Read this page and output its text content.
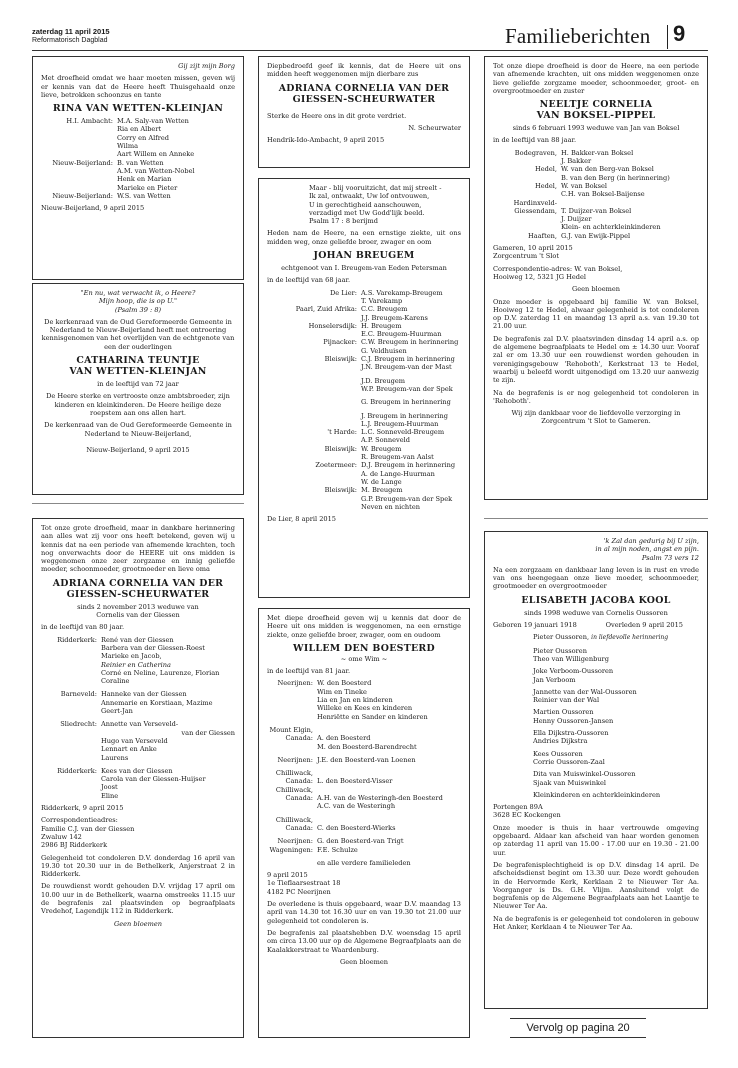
zaterdag 11 april 2015
Reformatorisch Dagblad	Familieberichten 9
Gij zijt mijn Borg

Met droefheid omdat we haar moeten missen, geven wij er kennis van dat de Heere heeft Thuisgehaald onze lieve, betrokken schoonzus en tante

RINA VAN WETTEN-KLEINJAN
H.I. Ambacht: M.A. Saly-van Wetten
Ria en Albert
Corry en Alfred
Wilma
Aart Willem en Anneke
Nieuw-Beijerland: B. van Wetten
A.M. van Wetten-Nobel
Henk en Marian
Marieke en Pieter
Nieuw-Beijerland: W.S. van Wetten
Nieuw-Beijerland, 9 april 2015
"En nu, wat verwacht ik, o Heere?
Mijn hoop, die is op U."
(Psalm 39 : 8)

De kerkenraad van de Oud Gereformeerde Gemeente in Nederland te Nieuw-Beijerland heeft met ontroering kennisgenomen van het overlijden van de echtgenote van een der ouderlingen

CATHARINA TEUNTJE
VAN WETTEN-KLEINJAN

in de leeftijd van 72 jaar

De Heere sterke en vertrooste onze ambtsbroeder, zijn kinderen en kleinkinderen. De Heere heilige deze roepstem aan ons allen hart.

De kerkenraad van de Oud Gereformeerde Gemeente in Nederland te Nieuw-Beijerland,

Nieuw-Beijerland, 9 april 2015

Tot onze grote droefheid, maar in dankbare herinnering aan alles wat zij voor ons heeft betekend, geven wij u kennis dat na een periode van afnemende krachten, toch nog onverwachts door de HEERE uit ons midden is weggenomen onze zeer zorgzame en innig geliefde moeder, schoonmoeder, grootmoeder en lieve oma

ADRIANA CORNELIA VAN DER
GIESSEN-SCHEURWATER
sinds 2 november 2013 weduwe van
Cornelis van der Giessen

in de leeftijd van 80 jaar.

Ridderkerk: René van der Giessen
Barbera van der Giessen-Roest
Marieke en Jacob,
Reinier en Catherina
Corné en Neline, Laurenze, Florian
Coraline
Barneveld: Hanneke van der Giessen
Annemarie en Korstiaan, Mazime
Geert-Jan
Sliedrecht: Annette van Verseveld-
van der Giessen
Hugo van Verseveld
Lennart en Anke
Laurens
Ridderkerk: Kees van der Giessen
Carola van der Giessen-Huijser
Joost
Eline

Ridderkerk, 9 april 2015

Correspondentieadres:
Familie C.J. van der Giessen
Zwaluw 142
2986 BJ Ridderkerk

Gelegenheid tot condoleren D.V. donderdag 16 april van 19.30 tot 20.30 uur in de Bethelkerk, Anjerstraat 2 in Ridderkerk.

De rouwdienst wordt gehouden D.V. vrijdag 17 april om 10.00 uur in de Bethelkerk, waarna omstreeks 11.15 uur de begrafenis zal plaatsvinden op begraafplaats Vredehof, Lagendijk 112 in Ridderkerk.

Geen bloemen

Diepbedroefd geef ik kennis, dat de Heere uit ons midden heeft weggenomen mijn dierbare zus

ADRIANA CORNELIA VAN DER
GIESSEN-SCHEURWATER
Sterke de Heere ons in dit grote verdriet.
N. Scheurwater
Hendrik-Ido-Ambacht, 9 april 2015
Maar - blij vooruitzicht, dat mij streelt -
Ik zal, ontwaakt, Uw lof ontvouwen,
U in gerechtigheid aanschouwen,
verzadigd met Uw Godd'lijk beeld.
Psalm 17 : 8 berijmd

Heden nam de Heere, na een ernstige ziekte, uit ons midden weg, onze geliefde broer, zwager en oom

JOHAN BREUGEM
echtgenoot van I. Breugem-van Eeden Petersman

in de leeftijd van 68 jaar.

De Lier: A.S. Varekamp-Breugem
T. Varekamp
Paarl, Zuid Afrika: C.C. Breugem
J.J. Breugem-Karens
Honselersdijk: H. Breugem
E.C. Breugem-Huurman
Pijnacker: C.W. Breugem in herinnering
G. Veldhuisen
Bleiswijk: C.J. Breugem in herinnering
J.N. Breugem-van der Mast
J.D. Breugem
W.P. Breugem-van der Spek
G. Breugem in herinnering
J. Breugem in herinnering
L.J. Breugem-Huurman
't Harde: L.C. Sonneveld-Breugem
A.P. Sonneveld
Bleiswijk: W. Breugem
R. Breugem-van Aalst
Zoetermeer: D.J. Breugem in herinnering
A. de Lange-Huurman
W. de Lange
Bleiswijk: M. Breugem
G.P. Breugem-van der Spek
Neven en nichten
De Lier, 8 april 2015

Met diepe droefheid geven wij u kennis dat door de Heere uit ons midden is weggenomen, na een ernstige ziekte, onze geliefde broer, zwager, oom en oudoom

WILLEM DEN BOESTERD
~ ome Wim ~

in de leeftijd van 81 jaar.

Neerijnen: W. den Boesterd
Wim en Tineke
Lia en Jan en kinderen
Willeke en Kees en kinderen
Henriëtte en Sander en kinderen
Mount Elgin,
Canada: A. den Boesterd
M. den Boesterd-Barendrecht
Neerijnen: J.E. den Boesterd-van Loenen
Chilliwack,
Canada: L. den Boesterd-Visser
Chilliwack,
Canada: A.H. van de Westeringh-den Boesterd
A.C. van de Westeringh
Chilliwack,
Canada: C. den Boesterd-Wierks
Neerijnen: G. den Boesterd-van Trigt
Wageningen: F.E. Schulze
en alle verdere familieleden
9 april 2015
1e Tieflaarsestraat 18
4182 PC Neerijnen

De overledene is thuis opgebaard, waar D.V. maandag 13 april van 14.30 tot 16.30 uur en van 19.30 tot 21.00 uur gelegenheid tot condoleren is.

De begrafenis zal plaatshebben D.V. woensdag 15 april om circa 13.00 uur op de Algemene Begraafplaats aan de Kaalakkerstraat te Waardenburg.

Geen bloemen

Tot onze diepe droefheid is door de Heere, na een periode van afnemende krachten, uit ons midden weggenomen onze lieve geliefde zorgzame moeder, schoonmoeder, groot- en overgrootmoeder en zuster

NEELTJE CORNELIA
VAN BOKSEL-PIPPEL
sinds 6 februari 1993 weduwe van Jan van Boksel

in de leeftijd van 88 jaar.

Bodegraven, H. Bakker-van Boksel
J. Bakker
Hedel, W. van den Berg-van Boksel
B. van den Berg (in herinnering)
Hedel, W. van Boksel
C.H. van Boksel-Baijense
Hardinxveld-
Giessendam, T. Duijzer-van Boksel
J. Duijzer
Klein- en achterkleinkinderen
Haaften, G.J. van Ewijk-Pippel
Gameren, 10 april 2015
Zorgcentrum 't Slot
Correspondentie-adres: W. van Boksel,
Hooiweg 12, 5321 JG Hedel

Geen bloemen

Onze moeder is opgebaard bij familie W. van Boksel, Hooiweg 12 te Hedel, alwaar gelegenheid is tot condoleren op D.V. zaterdag 11 en maandag 13 april a.s. van 19.30 tot 21.00 uur.

De begrafenis zal D.V. plaatsvinden dinsdag 14 april a.s. op de algemene begraafplaats te Hedel om ± 14.30 uur. Vooraf zal er om 13.30 uur een rouwdienst worden gehouden in verenigingsgebouw 'Rehoboth', Kerkstraat 13 te Hedel, waarbij u beleefd wordt uitgenodigd om 13.20 uur aanwezig te zijn.

Na de begrafenis is er nog gelegenheid tot condoleren in 'Rehoboth'.

Wij zijn dankbaar voor de liefdevolle verzorging in Zorgcentrum 't Slot te Gameren.
'k Zal dan gedurig bij U zijn,
in al mijn noden, angst en pijn.
Psalm 73 vers 12

Na een zorgzaam en dankbaar lang leven is in rust en vrede van ons heengegaan onze lieve moeder, schoonmoeder, grootmoeder en overgrootmoeder

ELISABETH JACOBA KOOL
sinds 1998 weduwe van Cornelis Oussoren
Geboren 19 januari 1918	Overleden 9 april 2015
Pieter Oussoren, in liefdevolle herinnering
Pieter Oussoren
Theo van Willigenburg
Joke Verboom-Oussoren
Jan Verboom
Jannette van der Wal-Oussoren
Reinier van der Wal
Martien Oussoren
Henny Oussoren-Jansen
Ella Dijkstra-Oussoren
Andries Dijkstra
Kees Oussoren
Corrie Oussoren-Zaal
Dita van Muiswinkel-Oussoren
Sjaak van Muiswinkel
Kleinkinderen en achterkleinkinderen
Portengen 89A
3628 EC Kockengen

Onze moeder is thuis in haar vertrouwde omgeving opgebaard. Aldaar kan afscheid van haar worden genomen op zaterdag 11 april van 15.00 - 17.00 uur en 19.30 - 21.00 uur.

De begrafenisplechtigheid is op D.V. dinsdag 14 april. De afscheidsdienst begint om 13.30 uur. Deze wordt gehouden in de Hervormde Kerk, Kerklaan 2 te Nieuwer Ter Aa. Voorganger is Ds. G.H. Vlijm. Aansluitend volgt de begrafenis op de Algemene Begraafplaats aan het Laantje te Nieuwer Ter Aa.

Na de begrafenis is er gelegenheid tot condoleren in gebouw Het Anker, Kerklaan 4 te Nieuwer Ter Aa.
Vervolg op pagina 20
